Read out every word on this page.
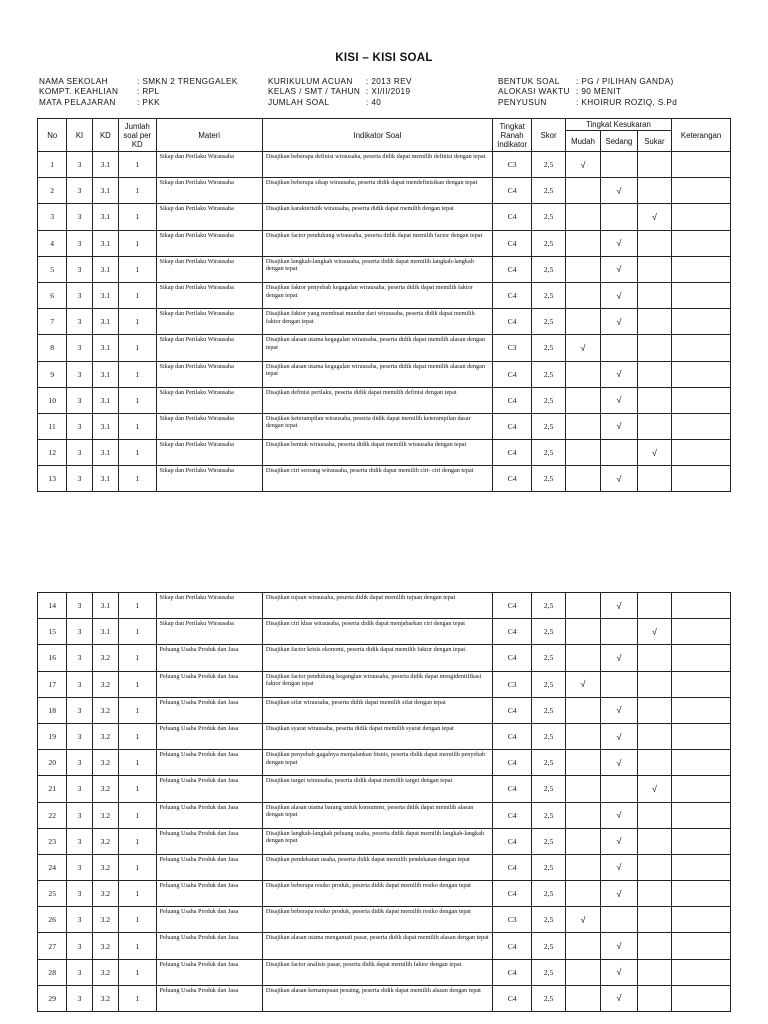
KISI – KISI SOAL
NAMA SEKOLAH	: SMKN 2 TRENGGALEK
KOMPT. KEAHLIAN	: RPL
MATA PELAJARAN	: PKK
KURIKULUM ACUAN	: 2013 REV
KELAS / SMT / TAHUN : XI/II/2019
JUMLAH SOAL	: 40
BENTUK SOAL	: PG / PILIHAN GANDA)
ALOKASI WAKTU : 90 MENIT
PENYUSUN	: KHOIRUR ROZIQ, S.Pd
No	KI	KD	Jumlah soal per KD	Materi	Indikator Soal	Tingkat Ranah Indikator	Skor	Tingkat Kesukaran			Keterangan
								Mudah	Sedang	Sukar	
1	3	3.1	1	Sikap dan Perilaku Wirausaha	Disajikan beberapa definisi wirausaha, peserta didik dapat memilih definisi dengan tepat	C3	2,5	√			
2	3	3.1	1	Sikap dan Perilaku Wirausaha	Disajikan beberapa sikap wirausaha, peserta didik dapat mendefinisikan dengan tepat	C4	2,5		√		
3	3	3.1	1	Sikap dan Perilaku Wirausaha	Disajikan karakteristik wirausaha, peserta didik dapat memilih dengan tepat	C4	2,5			√	
4	3	3.1	1	Sikap dan Perilaku Wirausaha	Disajikan factor pendukung wirausaha, peserta didik dapat memilih factor dengan tepat	C4	2,5		√		
5	3	3.1	1	Sikap dan Perilaku Wirausaha	Disajikan langkah-langkah wirausaha, peserta didik dapat memilih langkah-langkah dengan tepat	C4	2,5		√		
6	3	3.1	1	Sikap dan Perilaku Wirausaha	Disajikan faktor penyebab kegagalan wirausaha, peserta didik dapat memilih faktor dengan tepat	C4	2,5		√		
7	3	3.1	1	Sikap dan Perilaku Wirausaha	Disajikan faktor yang membuat mundur dari wirausaha, peserta didik dapat memilih faktor dengan tepat	C4	2,5		√		
8	3	3.1	1	Sikap dan Perilaku Wirausaha	Disajikan alasan utama kegagalan wirausaha, peserta didik dapat memilih alasan dengan tepat	C3	2,5	√			
9	3	3.1	1	Sikap dan Perilaku Wirausaha	Disajikan alasan utama kegagalan wirausaha, peserta didik dapat memilih alasan dengan tepat	C4	2,5		√		
10	3	3.1	1	Sikap dan Perilaku Wirausaha	Disajikan definisi perilaku, peserta didik dapat memilih definisi dengan tepat	C4	2,5		√		
11	3	3.1	1	Sikap dan Perilaku Wirausaha	Disajikan keterampilan wirausaha, peserta didik dapat memilih keterampilan dasar dengan tepat	C4	2,5		√		
12	3	3.1	1	Sikap dan Perilaku Wirausaha	Disajikan bentuk wirausaha, peserta didik dapat memilih wirausaha dengan tepat	C4	2,5			√	
13	3	3.1	1	Sikap dan Perilaku Wirausaha	Disajikan ciri seorang wirausaha, peserta didik dapat memilih ciri- ciri dengan tepat	C4	2,5		√		
14	3	3.1	1	Sikap dan Perilaku Wirausaha	Disajikan tujuan wirausaha, peserta didik dapat memilih tujuan dengan tepat	C4	2,5		√		
15	3	3.1	1	Sikap dan Perilaku Wirausaha	Disajikan ciri khas wirausaha, peserta didik dapat menjabarkan ciri dengan tepat	C4	2,5			√	
16	3	3.2	1	Peluang Usaha Produk dan Jasa	Disajikan factor krisis ekonomi, peserta didik dapat memilih faktor dengan tepat	C4	2,5		√		
17	3	3.2	1	Peluang Usaha Produk dan Jasa	Disajikan factor pendukung keganglan wirausaha, peserta didik dapat mengidentifikasi faktor dengan tepat	C3	2,5	√			
18	3	3.2	1	Peluang Usaha Produk dan Jasa	Disajikan sifat wirausaha, peserta didik dapat memilih sifat dengan tepat	C4	2,5		√		
19	3	3.2	1	Peluang Usaha Produk dan Jasa	Disajikan syarat wirausaha, peserta didik dapat memilih syarat dengan tepat	C4	2,5		√		
20	3	3.2	1	Peluang Usaha Produk dan Jasa	Disajikan penyebab gagalnya menjalankan bisnis, peserta didik dapat memilih penyebab dengan tepat	C4	2,5		√		
21	3	3.2	1	Peluang Usaha Produk dan Jasa	Disajikan target wirausaha, peserta didik dapat memilih target dengan tepat	C4	2,5			√	
22	3	3.2	1	Peluang Usaha Produk dan Jasa	Disajikan alasan utama barang untuk konsumen, peserta didik dapat memilih alasan dengan tepat	C4	2,5		√		
23	3	3.2	1	Peluang Usaha Produk dan Jasa	Disajikan langkah-langkah peluang usaha, peserta didik dapat memilih langkah-langkah dengan tepat	C4	2,5		√		
24	3	3.2	1	Peluang Usaha Produk dan Jasa	Disajikan pendekatan usaha, peserta didik dapat memilih pendekatan dengan tepat	C4	2,5		√		
25	3	3.2	1	Peluang Usaha Produk dan Jasa	Disajikan beberapa resiko produk, peserta didik dapat memilih resiko dengan tepat	C4	2,5		√		
26	3	3.2	1	Peluang Usaha Produk dan Jasa	Disajikan beberapa resiko produk, peserta didik dapat memilih resiko dengan tepat	C3	2,5	√			
27	3	3.2	1	Peluang Usaha Produk dan Jasa	Disajikan alasan utama mengamati pasar, peserta didik dapat memilih alasan dengan tepat	C4	2,5		√		
28	3	3.2	1	Peluang Usaha Produk dan Jasa	Disajikan factor analisis pasar, peserta didik dapat memilih faktor dengan tepat	C4	2,5		√		
29	3	3.2	1	Peluang Usaha Produk dan Jasa	Disajikan alasan kemampuan pesaing, peserta didik dapat memilih alasan dengan tepat	C4	2,5		√		
